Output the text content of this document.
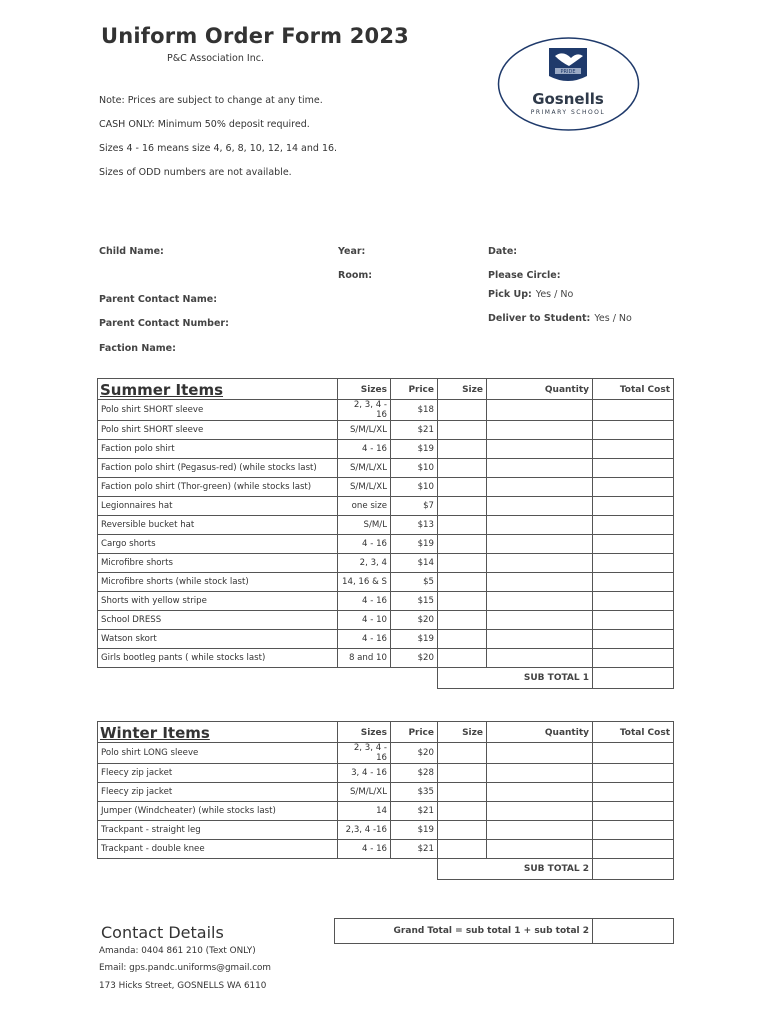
Uniform Order Form 2023
P&C Association Inc.
PRIDE
Gosnells
PRIMARY SCHOOL
Note: Prices are subject to change at any time.
CASH ONLY: Minimum 50% deposit required.
Sizes 4 - 16 means size 4, 6, 8, 10, 12, 14 and 16.
Sizes of ODD numbers are not available.
Child Name:	Year:	Date:
Room:	Please Circle:
Pick Up: Yes / No
Parent Contact Name:
Deliver to Student: Yes / No
Parent Contact Number:
Faction Name:
Summer Items	Sizes	Price	Size	Quantity	Total Cost
Polo shirt SHORT sleeve	2, 3, 4 - 16	$18			
Polo shirt SHORT sleeve	S/M/L/XL	$21			
Faction polo shirt	4 - 16	$19			
Faction polo shirt (Pegasus-red) (while stocks last)	S/M/L/XL	$10			
Faction polo shirt (Thor-green) (while stocks last)	S/M/L/XL	$10			
Legionnaires hat	one size	$7			
Reversible bucket hat	S/M/L	$13			
Cargo shorts	4 - 16	$19			
Microfibre shorts	2, 3, 4	$14			
Microfibre shorts (while stock last)	14, 16 & S	$5			
Shorts with yellow stripe	4 - 16	$15			
School DRESS	4 - 10	$20			
Watson skort	4 - 16	$19			
Girls bootleg pants ( while stocks last)	8 and 10	$20			
			SUB TOTAL 1		
Winter Items	Sizes	Price	Size	Quantity	Total Cost
Polo shirt LONG sleeve	2, 3, 4 - 16	$20			
Fleecy zip jacket	3, 4 - 16	$28			
Fleecy zip jacket	S/M/L/XL	$35			
Jumper (Windcheater) (while stocks last)	14	$21			
Trackpant - straight leg	2,3, 4 -16	$19			
Trackpant - double knee	4 - 16	$21			
			SUB TOTAL 2		
Contact Details
Amanda: 0404 861 210 (Text ONLY)
Email: gps.pandc.uniforms@gmail.com
173 Hicks Street, GOSNELLS WA 6110
Grand Total = sub total 1 + sub total 2	
